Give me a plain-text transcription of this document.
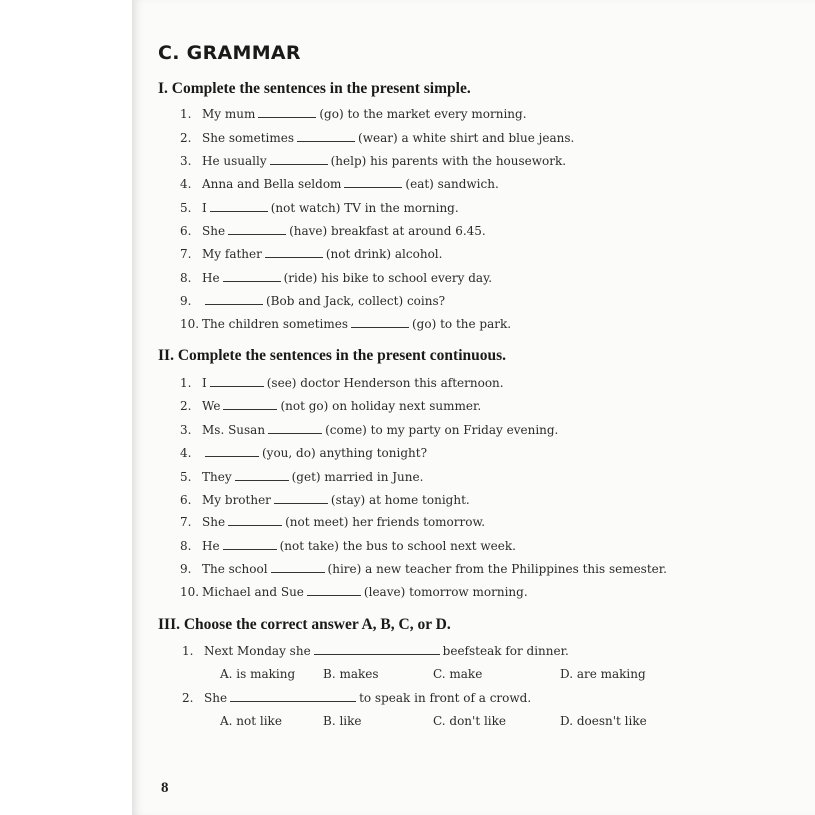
C. GRAMMAR
I. Complete the sentences in the present simple.
1. My mum	(go) to the market every morning.
2. She sometimes	(wear) a white shirt and blue jeans.
3. He usually	(help) his parents with the housework.
4. Anna and Bella seldom	(eat) sandwich.
5. I	(not watch) TV in the morning.
6. She	(have) breakfast at around 6.45.
7. My father	(not drink) alcohol.
8. He	(ride) his bike to school every day.
9.	(Bob and Jack, collect) coins?
10. The children sometimes	(go) to the park.
II. Complete the sentences in the present continuous.
1. I	(see) doctor Henderson this afternoon.
2. We	(not go) on holiday next summer.
3. Ms. Susan	(come) to my party on Friday evening.
4.	(you, do) anything tonight?
5. They	(get) married in June.
6. My brother	(stay) at home tonight.
7. She	(not meet) her friends tomorrow.
8. He	(not take) the bus to school next week.
9. The school	(hire) a new teacher from the Philippines this semester.
10. Michael and Sue	(leave) tomorrow morning.
III. Choose the correct answer A, B, C, or D.
1. Next Monday she	beefsteak for dinner.
A. is making B. makes	C. make	D. are making
2. She	to speak in front of a crowd.
A. not like	B. like	C. don't like	D. doesn't like
8
